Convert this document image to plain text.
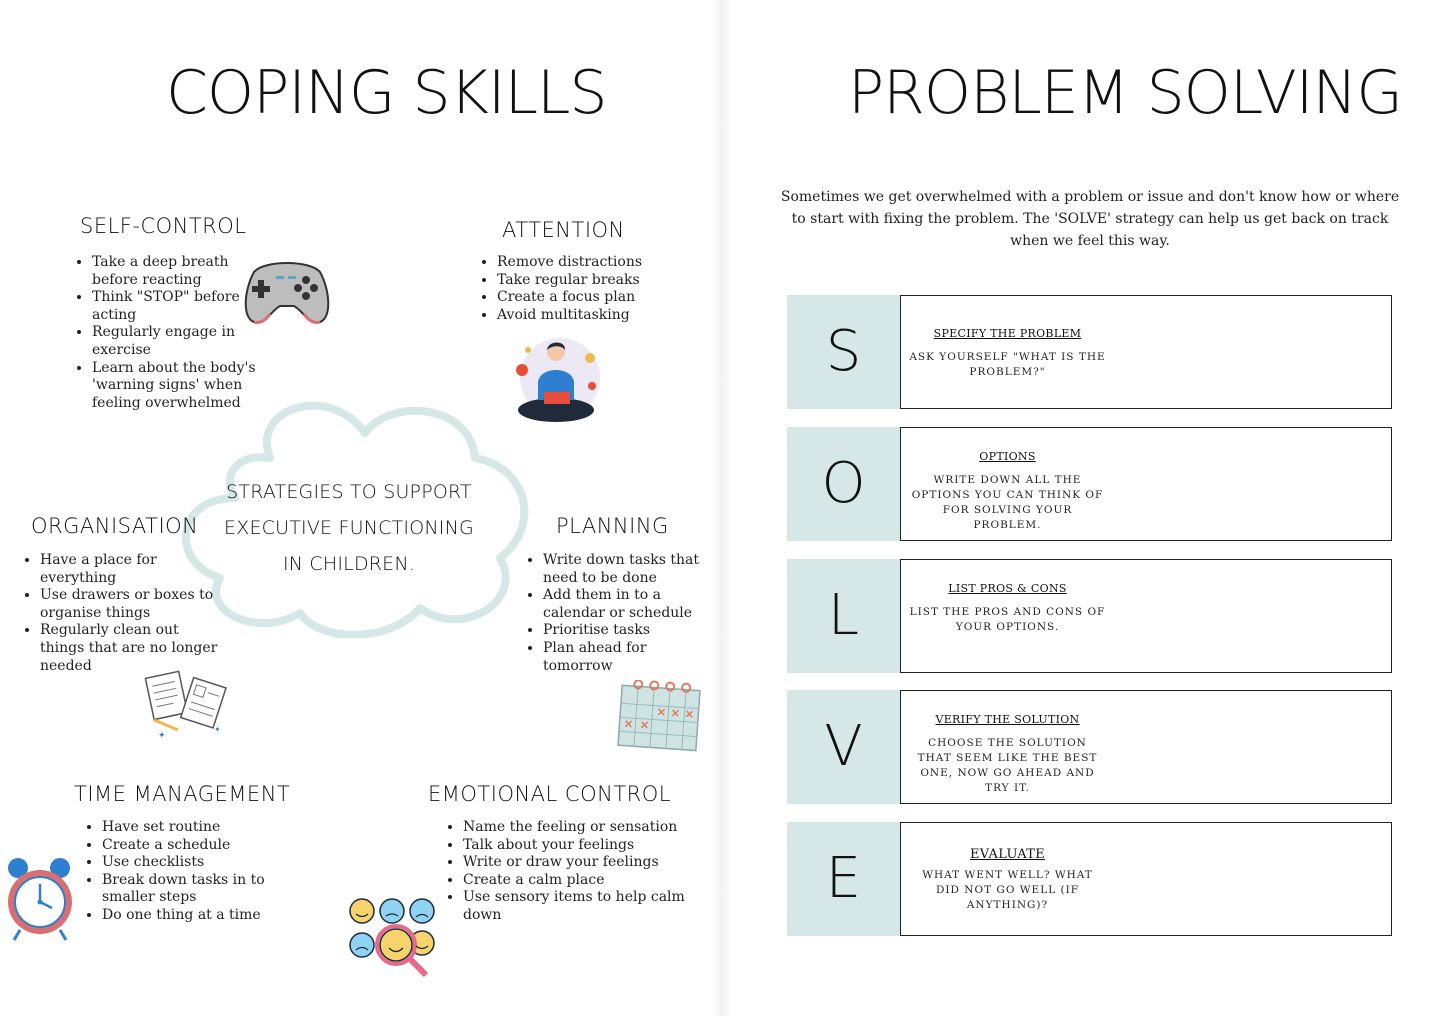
COPING SKILLS
STRATEGIES TO SUPPORT EXECUTIVE FUNCTIONING IN CHILDREN.
SELF-CONTROL
• Take a deep breath before reacting
• Think "STOP" before acting
• Regularly engage in exercise
• Learn about the body's 'warning signs' when feeling overwhelmed
ATTENTION
• Remove distractions
• Take regular breaks
• Create a focus plan
• Avoid multitasking
ORGANISATION
• Have a place for everything
• Use drawers or boxes to organise things
• Regularly clean out things that are no longer needed
✦
✦
PLANNING
• Write down tasks that need to be done
• Add them in to a calendar or schedule
• Prioritise tasks
• Plan ahead for tomorrow
TIME MANAGEMENT
• Have set routine
• Create a schedule
• Use checklists
• Break down tasks in to smaller steps
• Do one thing at a time
EMOTIONAL CONTROL
• Name the feeling or sensation
• Talk about your feelings
• Write or draw your feelings
• Create a calm place
• Use sensory items to help calm down
PROBLEM SOLVING
Sometimes we get overwhelmed with a problem or issue and don't know how or where to start with fixing the problem. The 'SOLVE' strategy can help us get back on track when we feel this way.
S	SPECIFY THE PROBLEM
ASK YOURSELF "WHAT IS THE PROBLEM?"
O	OPTIONS
WRITE DOWN ALL THE OPTIONS YOU CAN THINK OF FOR SOLVING YOUR PROBLEM.
L	LIST PROS & CONS
LIST THE PROS AND CONS OF YOUR OPTIONS.
V	VERIFY THE SOLUTION
CHOOSE THE SOLUTION THAT SEEM LIKE THE BEST ONE, NOW GO AHEAD AND TRY IT.
E	EVALUATE
WHAT WENT WELL? WHAT DID NOT GO WELL (IF ANYTHING)?
